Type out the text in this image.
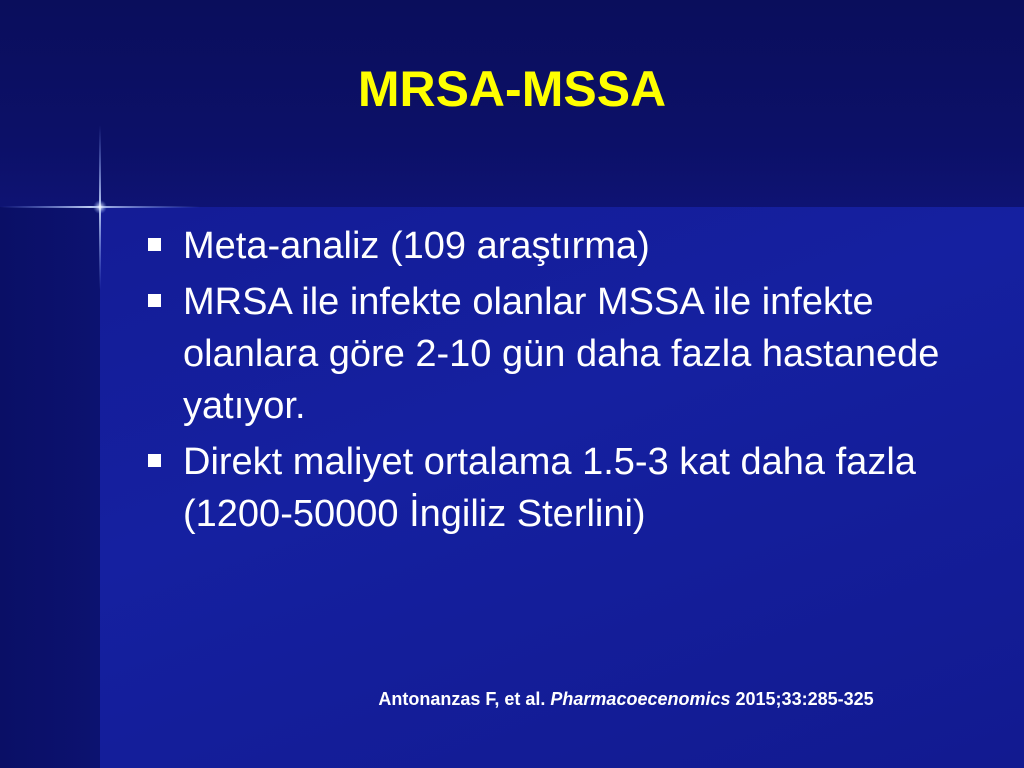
MRSA-MSSA
Meta-analiz (109 araştırma)
MRSA ile infekte olanlar MSSA ile infekte olanlara göre 2-10 gün daha fazla hastanede yatıyor.
Direkt maliyet ortalama 1.5-3 kat daha fazla (1200-50000 İngiliz Sterlini)
Antonanzas F, et al. Pharmacoecenomics 2015;33:285-325
